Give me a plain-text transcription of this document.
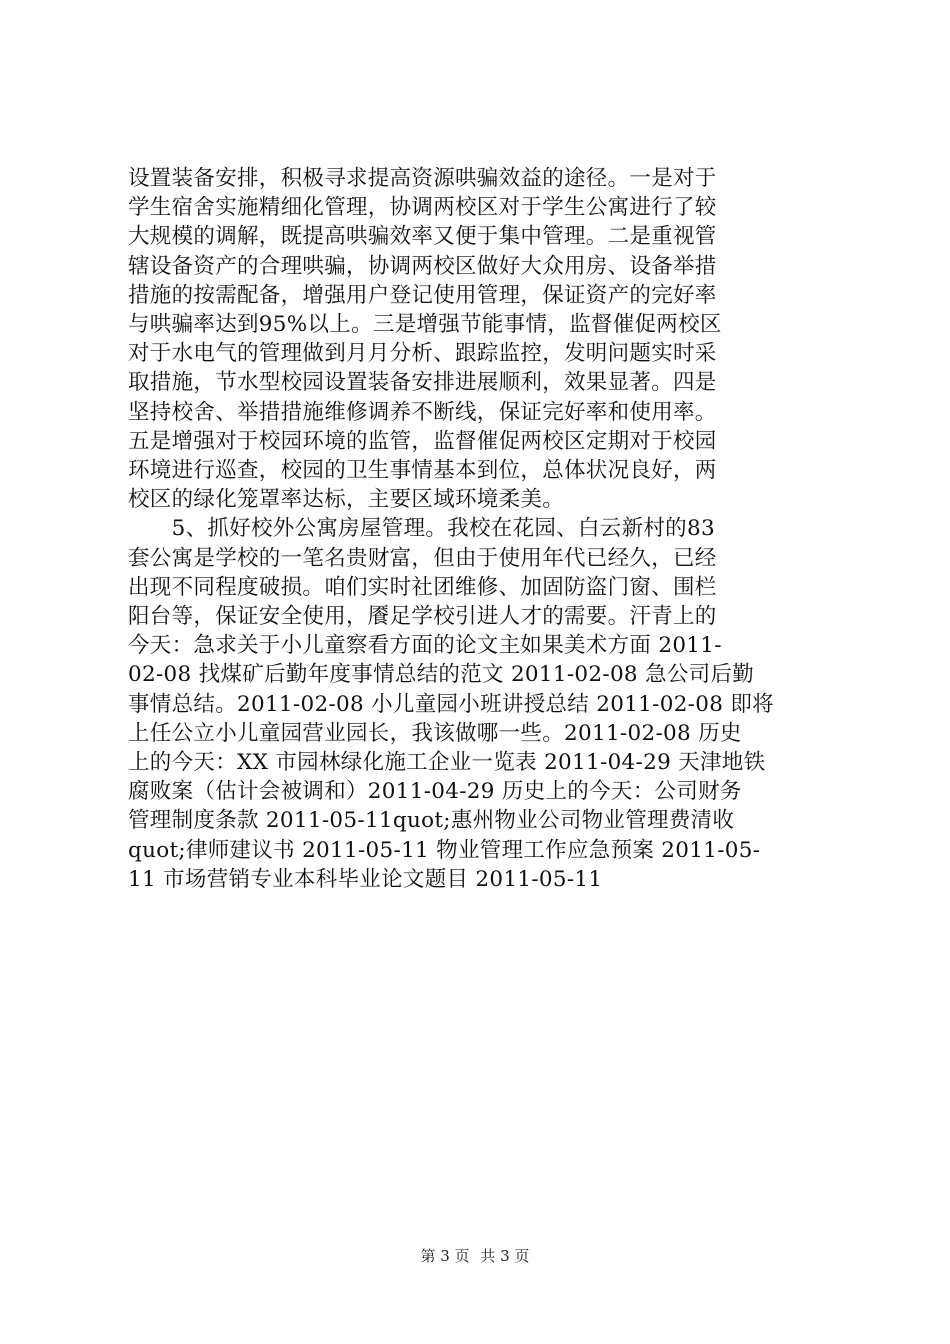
设置装备安排，积极寻求提高资源哄骗效益的途径。一是对于
学生宿舍实施精细化管理，协调两校区对于学生公寓进行了较
大规模的调解，既提高哄骗效率又便于集中管理。二是重视管
辖设备资产的合理哄骗，协调两校区做好大众用房、设备举措
措施的按需配备，增强用户登记使用管理，保证资产的完好率
与哄骗率达到95%以上。三是增强节能事情，监督催促两校区
对于水电气的管理做到月月分析、跟踪监控，发明问题实时采
取措施，节水型校园设置装备安排进展顺利，效果显著。四是
坚持校舍、举措措施维修调养不断线，保证完好率和使用率。
五是增强对于校园环境的监管，监督催促两校区定期对于校园
环境进行巡查，校园的卫生事情基本到位，总体状况良好，两
校区的绿化笼罩率达标，主要区域环境柔美。
　　5、抓好校外公寓房屋管理。我校在花园、白云新村的83
套公寓是学校的一笔名贵财富，但由于使用年代已经久，已经
出现不同程度破损。咱们实时社团维修、加固防盗门窗、围栏
阳台等，保证安全使用，餍足学校引进人才的需要。汗青上的
今天：急求关于小儿童察看方面的论文主如果美术方面 2011-
02-08 找煤矿后勤年度事情总结的范文 2011-02-08 急公司后勤
事情总结。2011-02-08 小儿童园小班讲授总结 2011-02-08 即将
上任公立小儿童园营业园长，我该做哪一些。2011-02-08 历史
上的今天：XX 市园林绿化施工企业一览表 2011-04-29 天津地铁
腐败案（估计会被调和）2011-04-29 历史上的今天：公司财务
管理制度条款 2011-05-11quot;惠州物业公司物业管理费清收
quot;律师建议书 2011-05-11 物业管理工作应急预案 2011-05-
11 市场营销专业本科毕业论文题目 2011-05-11
第 3 页 共 3 页
